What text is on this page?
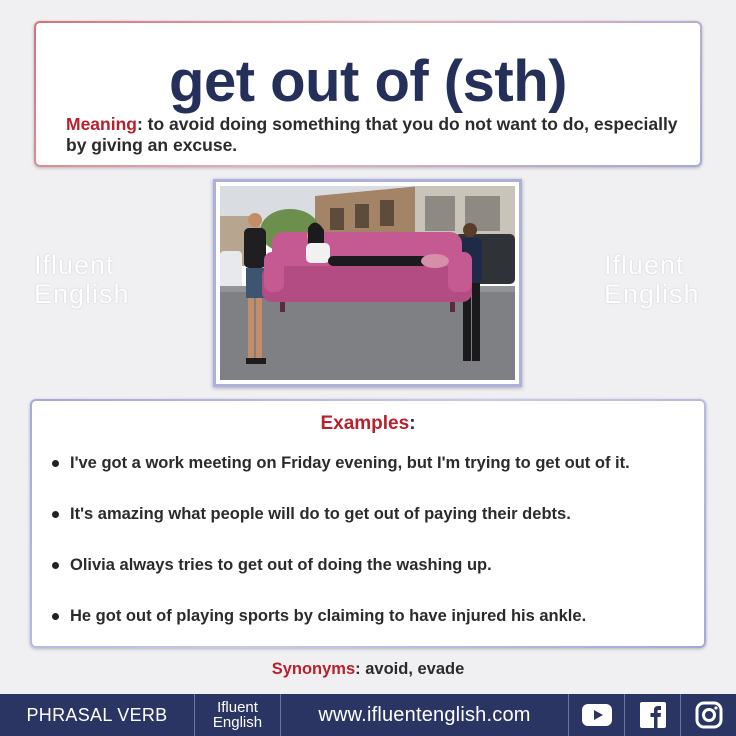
get out of (sth)
Meaning: to avoid doing something that you do not want to do, especially by giving an excuse.
Ifluent
English
Ifluent
English
Examples:
I've got a work meeting on Friday evening, but I'm trying to get out of it.
It's amazing what people will do to get out of paying their debts.
Olivia always tries to get out of doing the washing up.
He got out of playing sports by claiming to have injured his ankle.
Synonyms: avoid, evade
PHRASAL VERB	Ifluent
English	www.ifluentenglish.com
